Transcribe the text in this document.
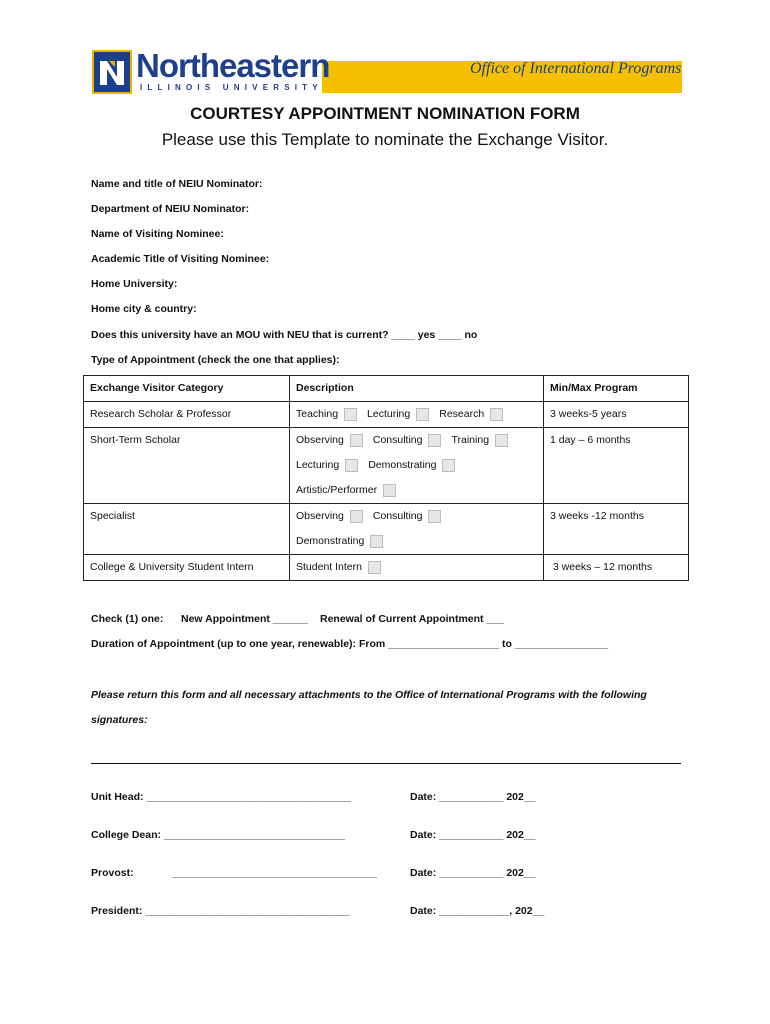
Northeastern
ILLINOIS UNIVERSITY
Office of International Programs
COURTESY APPOINTMENT NOMINATION FORM
Please use this Template to nominate the Exchange Visitor.
Name and title of NEIU Nominator:
Department of NEIU Nominator:
Name of Visiting Nominee:
Academic Title of Visiting Nominee:
Home University:
Home city & country:
Does this university have an MOU with NEU that is current? ____ yes ____ no
Type of Appointment (check the one that applies):
Exchange Visitor Category	Description	Min/Max Program

Research Scholar & Professor	Teaching Lecturing Research	3 weeks-5 years

Short-Term Scholar	Observing Consulting Training
Lecturing Demonstrating
Artistic/Performer	1 day – 6 months

Specialist	Observing Consulting
Demonstrating	3 weeks -12 months

College & University Student Intern	Student Intern	3 weeks – 12 months
Check (1) one: New Appointment ______ Renewal of Current Appointment ___
Duration of Appointment (up to one year, renewable): From ___________________ to ________________
Please return this form and all necessary attachments to the Office of International Programs with the following
signatures:
Unit Head: ___________________________________	Date: ___________ 202__
College Dean: _______________________________	Date: ___________ 202__
Provost:	___________________________________	Date: ___________ 202__
President: ___________________________________	Date: ____________, 202__
